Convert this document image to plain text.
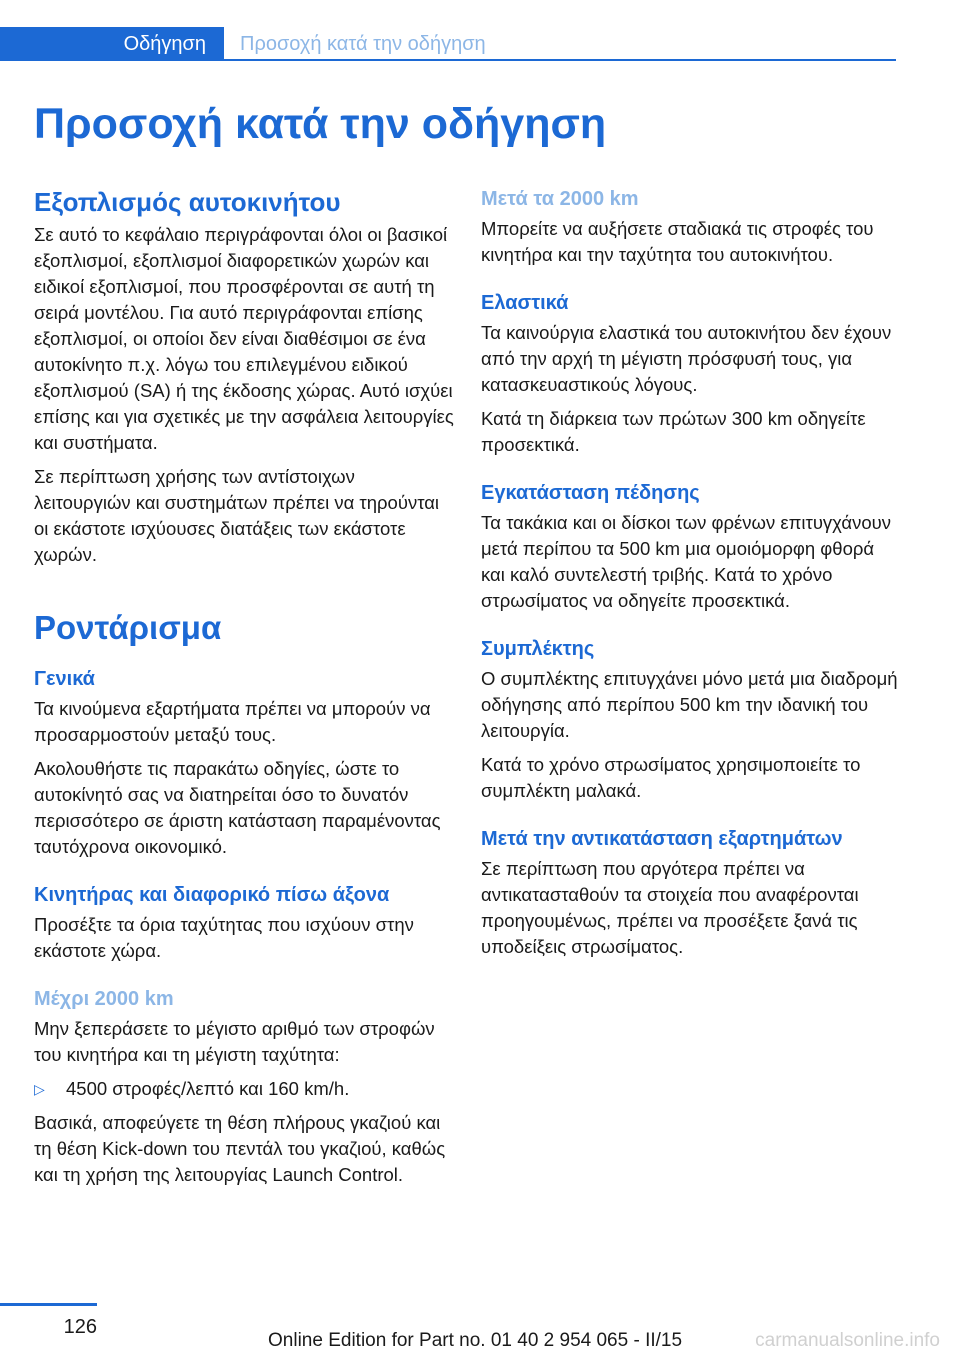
Οδήγηση	Προσοχή κατά την οδήγηση
Προσοχή κατά την οδήγηση
Εξοπλισμός αυτοκινήτου

Σε αυτό το κεφάλαιο περιγράφονται όλοι οι βασικοί εξοπλισμοί, εξοπλισμοί διαφορετικών χωρών και ειδικοί εξοπλισμοί, που προσφέρονται σε αυτή τη σειρά μοντέλου. Για αυτό περιγράφονται επίσης εξοπλισμοί, οι οποίοι δεν είναι διαθέσιμοι σε ένα αυτοκίνητο π.χ. λόγω του επιλεγμένου ειδικού εξοπλισμού (SA) ή της έκδοσης χώρας. Αυτό ισχύει επίσης και για σχετικές με την ασφάλεια λειτουργίες και συστήματα.

Σε περίπτωση χρήσης των αντίστοιχων λειτουργιών και συστημάτων πρέπει να τηρούνται οι εκάστοτε ισχύουσες διατάξεις των εκάστοτε χωρών.

Ροντάρισμα
Γενικά

Τα κινούμενα εξαρτήματα πρέπει να μπορούν να προσαρμοστούν μεταξύ τους.

Ακολουθήστε τις παρακάτω οδηγίες, ώστε το αυτοκίνητό σας να διατηρείται όσο το δυνατόν περισσότερο σε άριστη κατάσταση παραμένοντας ταυτόχρονα οικονομικό.

Κινητήρας και διαφορικό πίσω άξονα

Προσέξτε τα όρια ταχύτητας που ισχύουν στην εκάστοτε χώρα.

Μέχρι 2000 km

Μην ξεπεράσετε το μέγιστο αριθμό των στροφών του κινητήρα και τη μέγιστη ταχύτητα:

▷ 4500 στροφές/λεπτό και 160 km/h.

Βασικά, αποφεύγετε τη θέση πλήρους γκαζιού και τη θέση Kick-down του πεντάλ του γκαζιού, καθώς και τη χρήση της λειτουργίας Launch Control.

Μετά τα 2000 km

Μπορείτε να αυξήσετε σταδιακά τις στροφές του κινητήρα και την ταχύτητα του αυτοκινήτου.

Ελαστικά

Τα καινούργια ελαστικά του αυτοκινήτου δεν έχουν από την αρχή τη μέγιστη πρόσφυσή τους, για κατασκευαστικούς λόγους.

Κατά τη διάρκεια των πρώτων 300 km οδηγείτε προσεκτικά.

Εγκατάσταση πέδησης

Τα τακάκια και οι δίσκοι των φρένων επιτυγχάνουν μετά περίπου τα 500 km μια ομοιόμορφη φθορά και καλό συντελεστή τριβής. Κατά το χρόνο στρωσίματος να οδηγείτε προσεκτικά.

Συμπλέκτης

Ο συμπλέκτης επιτυγχάνει μόνο μετά μια διαδρομή οδήγησης από περίπου 500 km την ιδανική του λειτουργία.

Κατά το χρόνο στρωσίματος χρησιμοποιείτε το συμπλέκτη μαλακά.

Μετά την αντικατάσταση εξαρτημάτων

Σε περίπτωση που αργότερα πρέπει να αντικατασταθούν τα στοιχεία που αναφέρονται προηγουμένως, πρέπει να προσέξετε ξανά τις υποδείξεις στρωσίματος.

126
Online Edition for Part no. 01 40 2 954 065 - II/15	carmanualsonline.info
